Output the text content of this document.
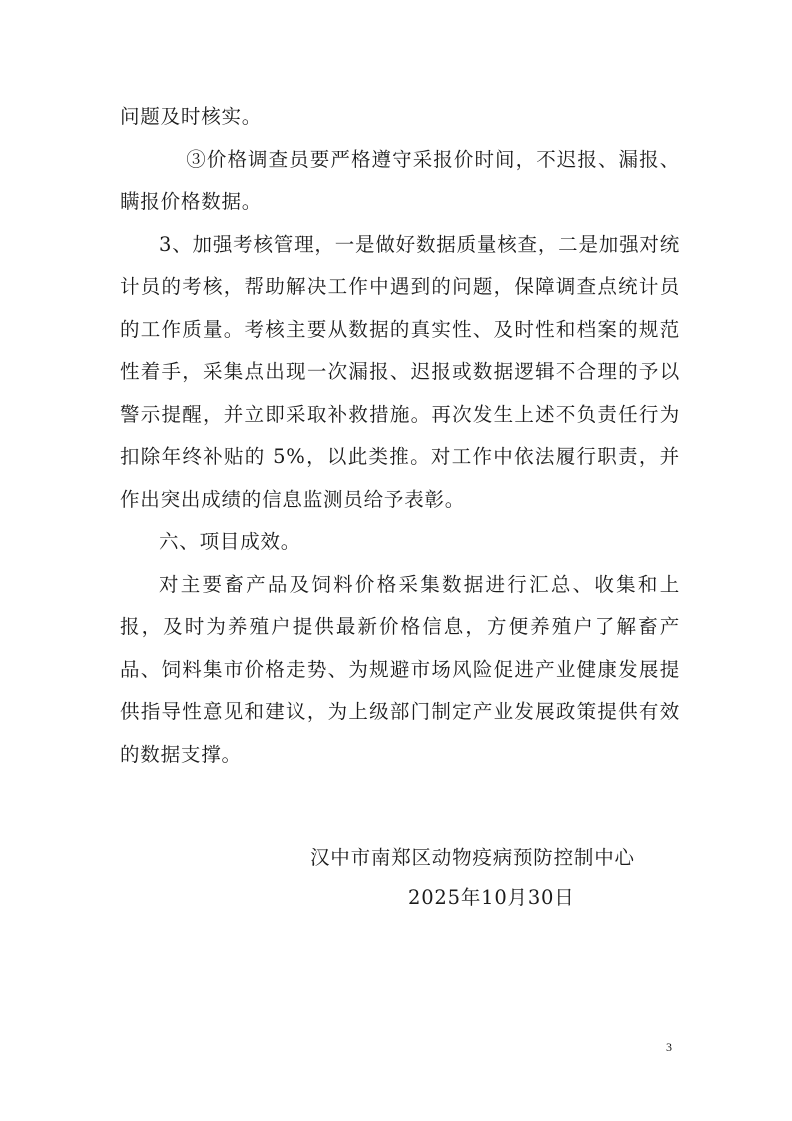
问题及时核实。

③价格调查员要严格遵守采报价时间，不迟报、漏报、瞒报价格数据。

3、加强考核管理，一是做好数据质量核查，二是加强对统计员的考核，帮助解决工作中遇到的问题，保障调查点统计员的工作质量。考核主要从数据的真实性、及时性和档案的规范性着手，采集点出现一次漏报、迟报或数据逻辑不合理的予以警示提醒，并立即采取补救措施。再次发生上述不负责任行为扣除年终补贴的 5%，以此类推。对工作中依法履行职责，并作出突出成绩的信息监测员给予表彰。

六、项目成效。

对主要畜产品及饲料价格采集数据进行汇总、收集和上报，及时为养殖户提供最新价格信息，方便养殖户了解畜产品、饲料集市价格走势、为规避市场风险促进产业健康发展提供指导性意见和建议，为上级部门制定产业发展政策提供有效的数据支撑。

汉中市南郑区动物疫病预防控制中心
2025年10月30日
3
